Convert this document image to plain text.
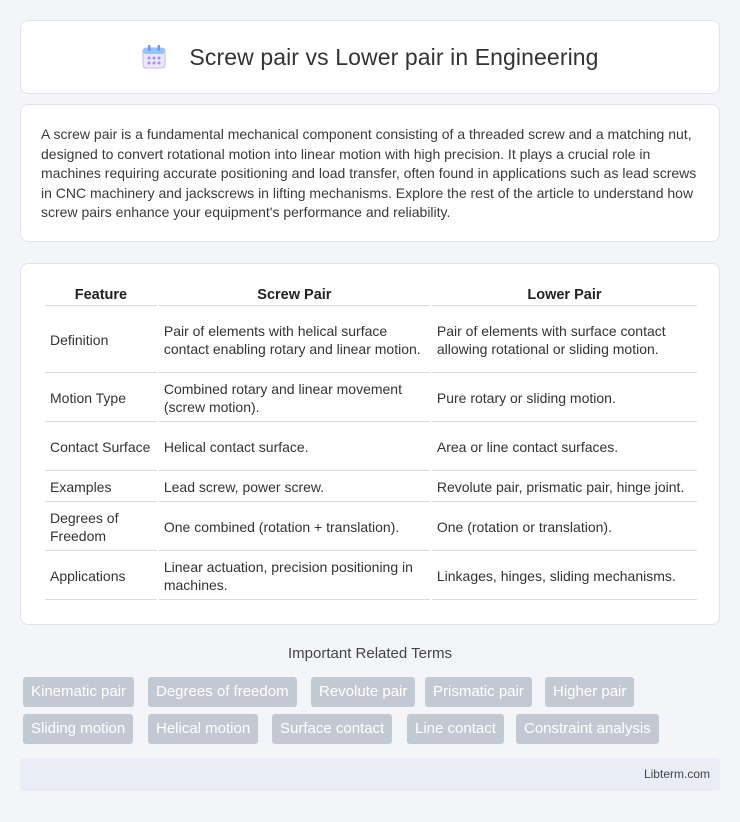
Screw pair vs Lower pair in Engineering

A screw pair is a fundamental mechanical component consisting of a threaded screw and a matching nut, designed to convert rotational motion into linear motion with high precision. It plays a crucial role in machines requiring accurate positioning and load transfer, often found in applications such as lead screws in CNC machinery and jackscrews in lifting mechanisms. Explore the rest of the article to understand how screw pairs enhance your equipment's performance and reliability.

Feature	Screw Pair	Lower Pair
Definition	Pair of elements with helical surface contact enabling rotary and linear motion.	Pair of elements with surface contact allowing rotational or sliding motion.
Motion Type	Combined rotary and linear movement (screw motion).	Pure rotary or sliding motion.
Contact Surface	Helical contact surface.	Area or line contact surfaces.
Examples	Lead screw, power screw.	Revolute pair, prismatic pair, hinge joint.
Degrees of Freedom	One combined (rotation + translation).	One (rotation or translation).
Applications	Linear actuation, precision positioning in machines.	Linkages, hinges, sliding mechanisms.
Important Related Terms
Kinematic pair	Degrees of freedom	Revolute pair	Prismatic pair	Higher pair
Sliding motion	Helical motion	Surface contact	Line contact	Constraint analysis
Libterm.com
